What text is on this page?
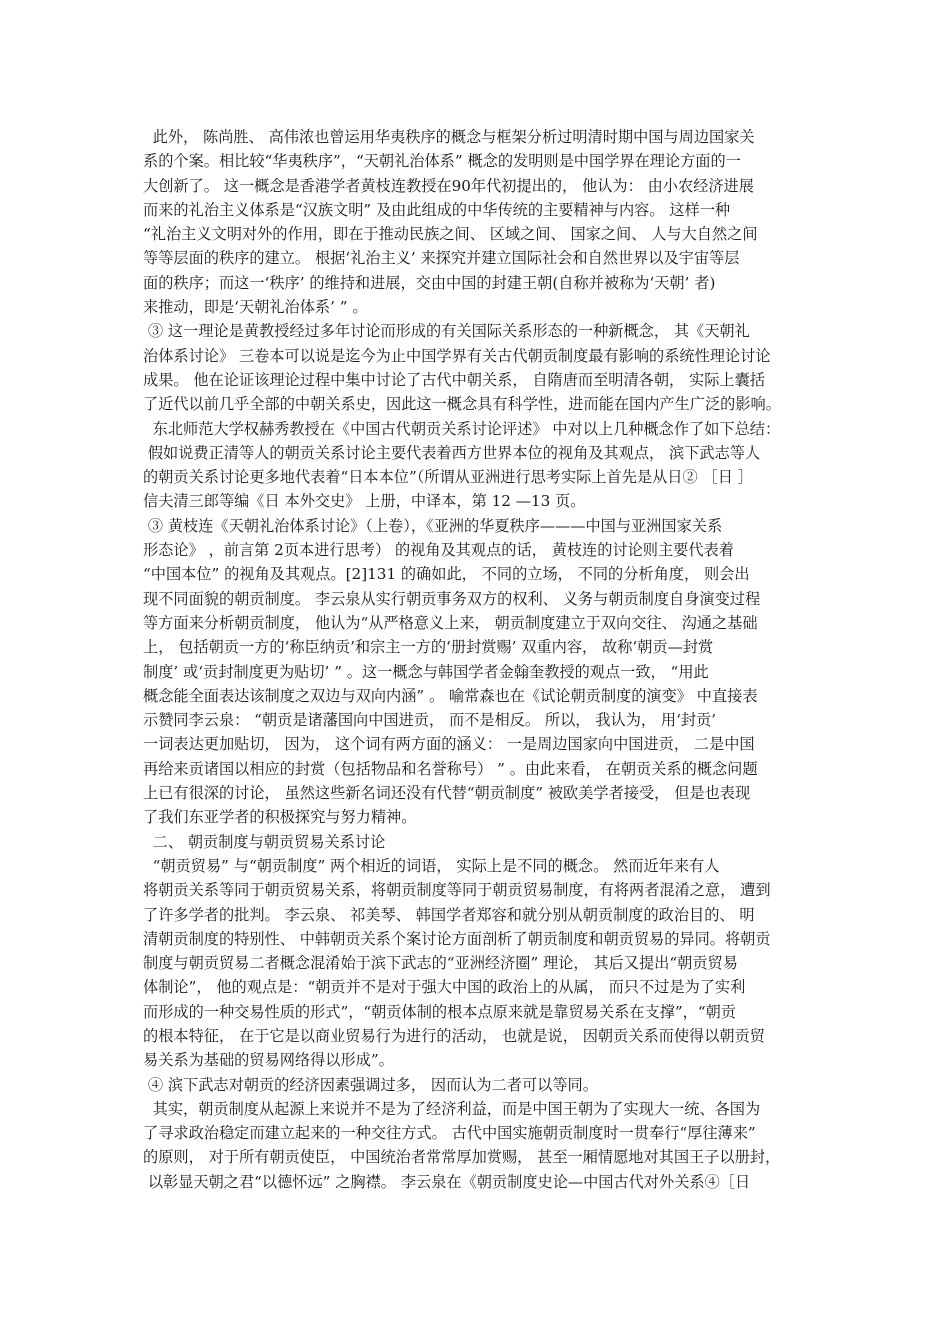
此外， 陈尚胜、 高伟浓也曾运用华夷秩序的概念与框架分析过明清时期中国与周边国家关
系的个案。相比较“华夷秩序”，“天朝礼治体系” 概念的发明则是中国学界在理论方面的一
大创新了。 这一概念是香港学者黄枝连教授在90年代初提出的， 他认为： 由小农经济进展
而来的礼治主义体系是“汉族文明” 及由此组成的中华传统的主要精神与内容。 这样一种
“礼治主义文明对外的作用，即在于推动民族之间、 区域之间、 国家之间、 人与大自然之间
等等层面的秩序的建立。 根据‘礼治主义’ 来探究并建立国际社会和自然世界以及宇宙等层
面的秩序；而这一‘秩序’ 的维持和进展，交由中国的封建王朝(自称并被称为‘天朝’ 者)
来推动，即是‘天朝礼治体系’ ” 。
③ 这一理论是黄教授经过多年讨论而形成的有关国际关系形态的一种新概念， 其《天朝礼
治体系讨论》 三卷本可以说是迄今为止中国学界有关古代朝贡制度最有影响的系统性理论讨论
成果。 他在论证该理论过程中集中讨论了古代中朝关系， 自隋唐而至明清各朝， 实际上囊括
了近代以前几乎全部的中朝关系史，因此这一概念具有科学性，进而能在国内产生广泛的影响。
东北师范大学权赫秀教授在《中国古代朝贡关系讨论评述》 中对以上几种概念作了如下总结：
假如说费正清等人的朝贡关系讨论主要代表着西方世界本位的视角及其观点， 滨下武志等人
的朝贡关系讨论更多地代表着“日本本位”（所谓从亚洲进行思考实际上首先是从日② ［日 ］
信夫清三郎等编《日 本外交史》 上册，中译本，第 12 —13 页。
③ 黄枝连《天朝礼治体系讨论》（上卷），《亚洲的华夏秩序———中国与亚洲国家关系
形态论》 ，前言第 2页本进行思考） 的视角及其观点的话， 黄枝连的讨论则主要代表着
“中国本位” 的视角及其观点。[2]131 的确如此， 不同的立场， 不同的分析角度， 则会出
现不同面貌的朝贡制度。 李云泉从实行朝贡事务双方的权利、 义务与朝贡制度自身演变过程
等方面来分析朝贡制度， 他认为“从严格意义上来， 朝贡制度建立于双向交往、 沟通之基础
上， 包括朝贡一方的‘称臣纳贡’和宗主一方的‘册封赏赐’ 双重内容， 故称‘朝贡—封赏
制度’ 或‘贡封制度更为贴切’ ” 。这一概念与韩国学者金翰奎教授的观点一致， “用此
概念能全面表达该制度之双边与双向内涵” 。 喻常森也在《试论朝贡制度的演变》 中直接表
示赞同李云泉： “朝贡是诸藩国向中国进贡， 而不是相反。 所以， 我认为， 用‘封贡’
一词表达更加贴切， 因为， 这个词有两方面的涵义： 一是周边国家向中国进贡， 二是中国
再给来贡诸国以相应的封赏（包括物品和名誉称号） ” 。由此来看， 在朝贡关系的概念问题
上已有很深的讨论， 虽然这些新名词还没有代替“朝贡制度” 被欧美学者接受， 但是也表现
了我们东亚学者的积极探究与努力精神。
二、 朝贡制度与朝贡贸易关系讨论
“朝贡贸易” 与“朝贡制度” 两个相近的词语， 实际上是不同的概念。 然而近年来有人
将朝贡关系等同于朝贡贸易关系，将朝贡制度等同于朝贡贸易制度，有将两者混淆之意， 遭到
了许多学者的批判。 李云泉、 祁美琴、 韩国学者郑容和就分别从朝贡制度的政治目的、 明
清朝贡制度的特别性、 中韩朝贡关系个案讨论方面剖析了朝贡制度和朝贡贸易的异同。将朝贡
制度与朝贡贸易二者概念混淆始于滨下武志的“亚洲经济圈” 理论， 其后又提出“朝贡贸易
体制论”， 他的观点是：“朝贡并不是对于强大中国的政治上的从属， 而只不过是为了实利
而形成的一种交易性质的形式”，“朝贡体制的根本点原来就是靠贸易关系在支撑”，“朝贡
的根本特征， 在于它是以商业贸易行为进行的活动， 也就是说， 因朝贡关系而使得以朝贡贸
易关系为基础的贸易网络得以形成”。
④ 滨下武志对朝贡的经济因素强调过多， 因而认为二者可以等同。
其实，朝贡制度从起源上来说并不是为了经济利益，而是中国王朝为了实现大一统、各国为
了寻求政治稳定而建立起来的一种交往方式。 古代中国实施朝贡制度时一贯奉行“厚往薄来”
的原则， 对于所有朝贡使臣， 中国统治者常常厚加赏赐， 甚至一厢情愿地对其国王子以册封，
以彰显天朝之君“以德怀远” 之胸襟。 李云泉在《朝贡制度史论—中国古代对外关系④［日
